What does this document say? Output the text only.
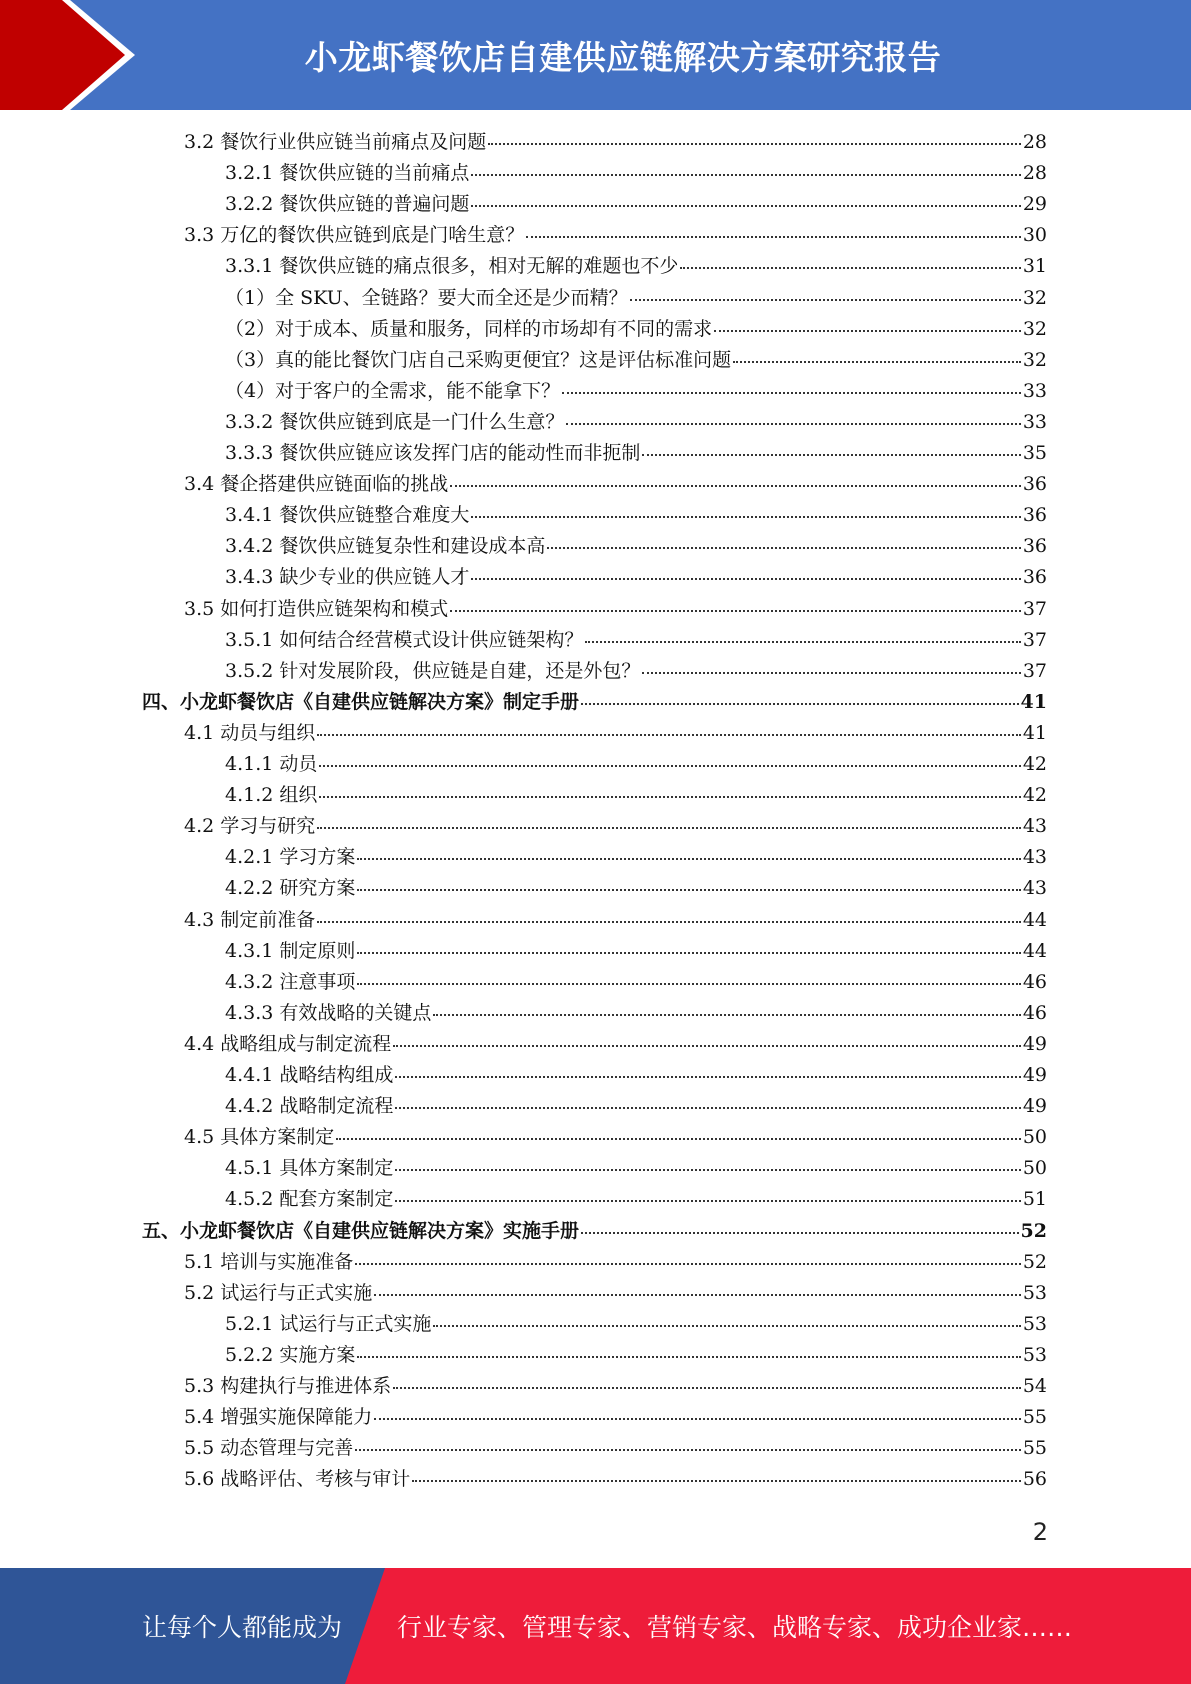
小龙虾餐饮店自建供应链解决方案研究报告
3.2 餐饮行业供应链当前痛点及问题	28
3.2.1 餐饮供应链的当前痛点	28
3.2.2 餐饮供应链的普遍问题	29
3.3 万亿的餐饮供应链到底是门啥生意？	30
3.3.1 餐饮供应链的痛点很多，相对无解的难题也不少	31
（1）全 SKU、全链路？要大而全还是少而精？	32
（2）对于成本、质量和服务，同样的市场却有不同的需求	32
（3）真的能比餐饮门店自己采购更便宜？这是评估标准问题	32
（4）对于客户的全需求，能不能拿下？	33
3.3.2 餐饮供应链到底是一门什么生意？	33
3.3.3 餐饮供应链应该发挥门店的能动性而非扼制	35
3.4 餐企搭建供应链面临的挑战	36
3.4.1 餐饮供应链整合难度大	36
3.4.2 餐饮供应链复杂性和建设成本高	36
3.4.3 缺少专业的供应链人才	36
3.5 如何打造供应链架构和模式	37
3.5.1 如何结合经营模式设计供应链架构？	37
3.5.2 针对发展阶段，供应链是自建，还是外包？	37
四、小龙虾餐饮店《自建供应链解决方案》制定手册	41
4.1 动员与组织	41
4.1.1 动员	42
4.1.2 组织	42
4.2 学习与研究	43
4.2.1 学习方案	43
4.2.2 研究方案	43
4.3 制定前准备	44
4.3.1 制定原则	44
4.3.2 注意事项	46
4.3.3 有效战略的关键点	46
4.4 战略组成与制定流程	49
4.4.1 战略结构组成	49
4.4.2 战略制定流程	49
4.5 具体方案制定	50
4.5.1 具体方案制定	50
4.5.2 配套方案制定	51
五、小龙虾餐饮店《自建供应链解决方案》实施手册	52
5.1 培训与实施准备	52
5.2 试运行与正式实施	53
5.2.1 试运行与正式实施	53
5.2.2 实施方案	53
5.3 构建执行与推进体系	54
5.4 增强实施保障能力	55
5.5 动态管理与完善	55
5.6 战略评估、考核与审计	56
2
让每个人都能成为 行业专家、管理专家、营销专家、战略专家、成功企业家……
